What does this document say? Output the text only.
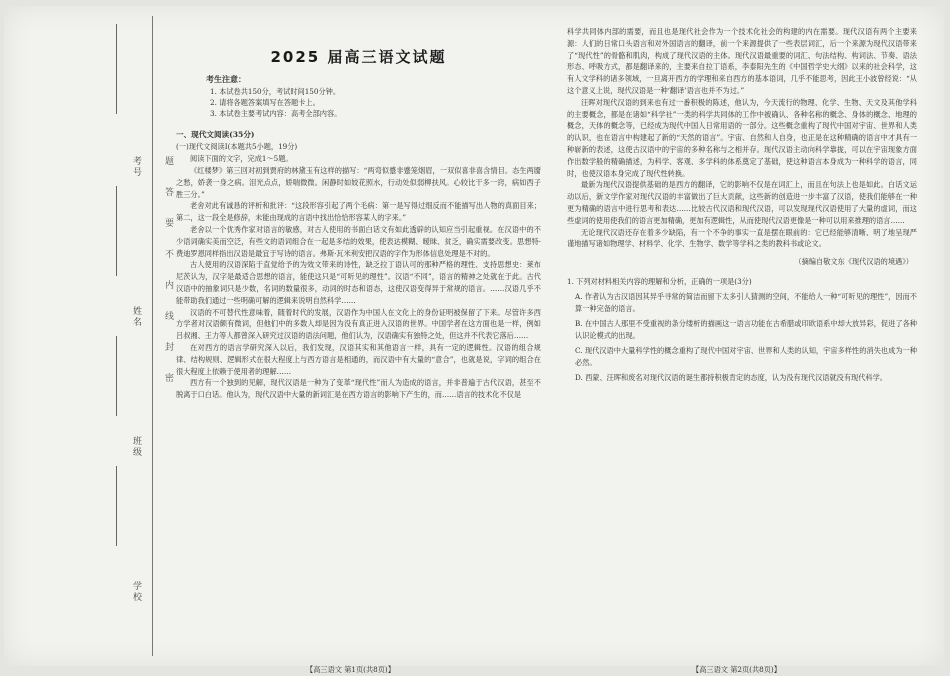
考号
姓名
班级
学校
题答要不内线封密
2025 届高三语文试题
考生注意：
1. 本试卷共150分，考试时间150分钟。
2. 请将各题答案填写在答题卡上。
3. 本试卷主要考试内容：高考全部内容。
一、现代文阅读(35分)
(一)现代文阅读Ⅰ(本题共5小题，19分)

阅读下面的文字，完成1～5题。

《红楼梦》第三回对初到贾府的林黛玉有这样的描写：“两弯似蹙非蹙笼烟眉，一双似喜非喜含情目。态生两靥之愁，娇袭一身之病。泪光点点，娇喘微微。闲静时如姣花照水，行动处似弱柳扶风。心较比干多一窍，病如西子胜三分。”

老舍对此有诚恳的评析和批评：“这段形容引起了两个毛病：第一是写得过细反而不能描写出人物的真面目来；第二，这一段全是修辞，未能由现成的言语中找出恰恰形容某人的字来。”

老舍以一个优秀作家对语言的敏感，对古人使用的书面白话文有如此透辟的认知应当引起重视。在汉语中的不少语词确实美而空泛，有些文的语词组合在一起是多结的效果，使表达模糊、暧昧、贫乏，确实需要改变。思想特·费迪罗恩同样指出汉语是最宜于写诗的语言。弗斯·瓦米利安把汉语的字作为形体信息处理是不对的。

古人使用的汉语深陷于直觉给予的为效文带来的诗性，缺乏拉丁语认可的那种严格的理性、支持思想史：莱布尼茨认为，汉字是最适合思想的语言，能使这只是“可听见的理性”。汉语“不同”，语言的精神之处就在于此。古代汉语中的抽象词只是少数，名词的数量很多，动词的时态和语态，这使汉语变得异于常规的语言。……汉语几乎不能带助我们通过一些明确可解的逻辑来说明自然科学……

汉语的不可替代性意味着，随着时代的发展，汉语作为中国人在文化上的身份证明被保留了下来。尽管许多西方学者对汉语颇有微词，但他们中的多数人却是因为没有真正进入汉语的世界。中国学者在这方面也是一样，例如吕叔湘、王力等人都曾深入研究过汉语的语法问题，他们认为，汉语确实有独特之处，但这并不代表它落后……

在对西方的语言学研究深入以后，我们发现，汉语其实和其他语言一样，具有一定的逻辑性。汉语的组合规律、结构规则、逻辑形式在很大程度上与西方语言是相通的，而汉语中有大量的“意合”，也就是说，字词的组合在很大程度上依赖于使用者的理解……

西方有一个独到的见解，现代汉语是一种为了变革“现代性”而人为造成的语言，并非普遍于古代汉语，甚至不脱离于口白话。他认为，现代汉语中大量的新词汇是在西方语言的影响下产生的，而……语言的技术化不仅是

【高三语文 第1页(共8页)】

科学共同体内部的需要，而且也是现代社会作为一个技术化社会的构建的内在需要。现代汉语有两个主要来源：人们的日常口头语言和对外国语言的翻译，前一个来源提供了一些表层词汇，后一个来源为现代汉语带来了“现代性”的骨骼和肌肉，构成了现代汉语的主体。现代汉语最重要的词汇、句法结构、构词法、节奏、语法形态、呼吸方式，都是翻译来的，主要来自拉丁语系，李泰阳先生的《中国哲学史大纲》以来的社会科学，这有人文学科的诸多领域，一旦离开西方的学理和来自西方的基本语词，几乎不能思考，因此王小波曾经说：“从这个意义上说，现代汉语是一种‘翻译’语言也并不为过。”

汪晖对现代汉语的到来也有过一番积极的陈述，他认为，今天流行的物理、化学、生物、天文及其他学科的主要概念，都是在诸如“科学社”一类的科学共同体的工作中被确认、各种名称的概念、身体的概念、地理的概念，天体的概念等，已经成为现代中国人日常用语的一部分。这些概念重构了现代中国对宇宙、世界和人类的认识，也在语言中构建起了新的“天然的语言”。宇宙、自然和人自身，也正是在这种精确的语言中才具有一种崭新的表述，这使古汉语中的宇宙的多种名称与之相并存。现代汉语主动向科学靠拢，可以在宇宙现象方面作出数学般的精确描述，为科学、客观、多学科的体系奠定了基础，使这种语言本身成为一种科学的语言，同时，也使汉语本身完成了现代性转换。

最新为现代汉语提供基础的是西方的翻译，它的影响不仅是在词汇上，而且在句法上也是如此。白话文运动以后，新文学作家对现代汉语的丰富做出了巨大贡献，这些新的创造进一步丰富了汉语，使我们能够在一种更为精确的语言中进行思考和表达……比较古代汉语和现代汉语，可以发现现代汉语使用了大量的虚词，而这些虚词的使用使我们的语言更加精确，更加有逻辑性，从而使现代汉语更像是一种可以用来推理的语言……

无论现代汉语还存在着多少缺陷，有一个不争的事实一直是摆在眼前的：它已经能够清晰、明了地呈现严谨地描写诸如物理学、材料学、化学、生物学、数学等学科之类的教科书或论文。

（摘编自敬文东《现代汉语的境遇》）

1. 下列对材料相关内容的理解和分析，正确的一项是(3分)

A. 作者认为古汉语因其异乎寻常的简洁而留下太多引人猜测的空间，不能给人一种“可听见的理性”，因而不算一种完备的语言。

B. 在中国古人那里不受重视的条分缕析的描画这一语言功能在古希腊或印欧语系中却大放异彩，促进了各种认识论模式的出现。

C. 现代汉语中大量科学性的概念重构了现代中国对宇宙、世界和人类的认知，宇宙多样性的消失也成为一种必然。

D. 西蒙、汪晖和废名对现代汉语的诞生都持积极肯定的态度，认为没有现代汉语就没有现代科学。

【高三语文 第2页(共8页)】
